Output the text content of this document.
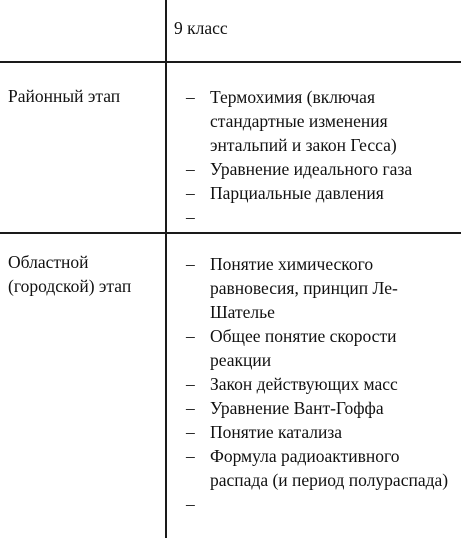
9 класс
Районный этап	– Термохимия (включая стандартные изменения энтальпий и закон Гесса)
– Уравнение идеального газа
– Парциальные давления
–
Областной (городской) этап
– Понятие химического равновесия, принцип Ле-Шателье
– Общее понятие скорости реакции
– Закон действующих масс
– Уравнение Вант-Гоффа
– Понятие катализа
– Формула радиоактивного распада (и период полураспада)
–
